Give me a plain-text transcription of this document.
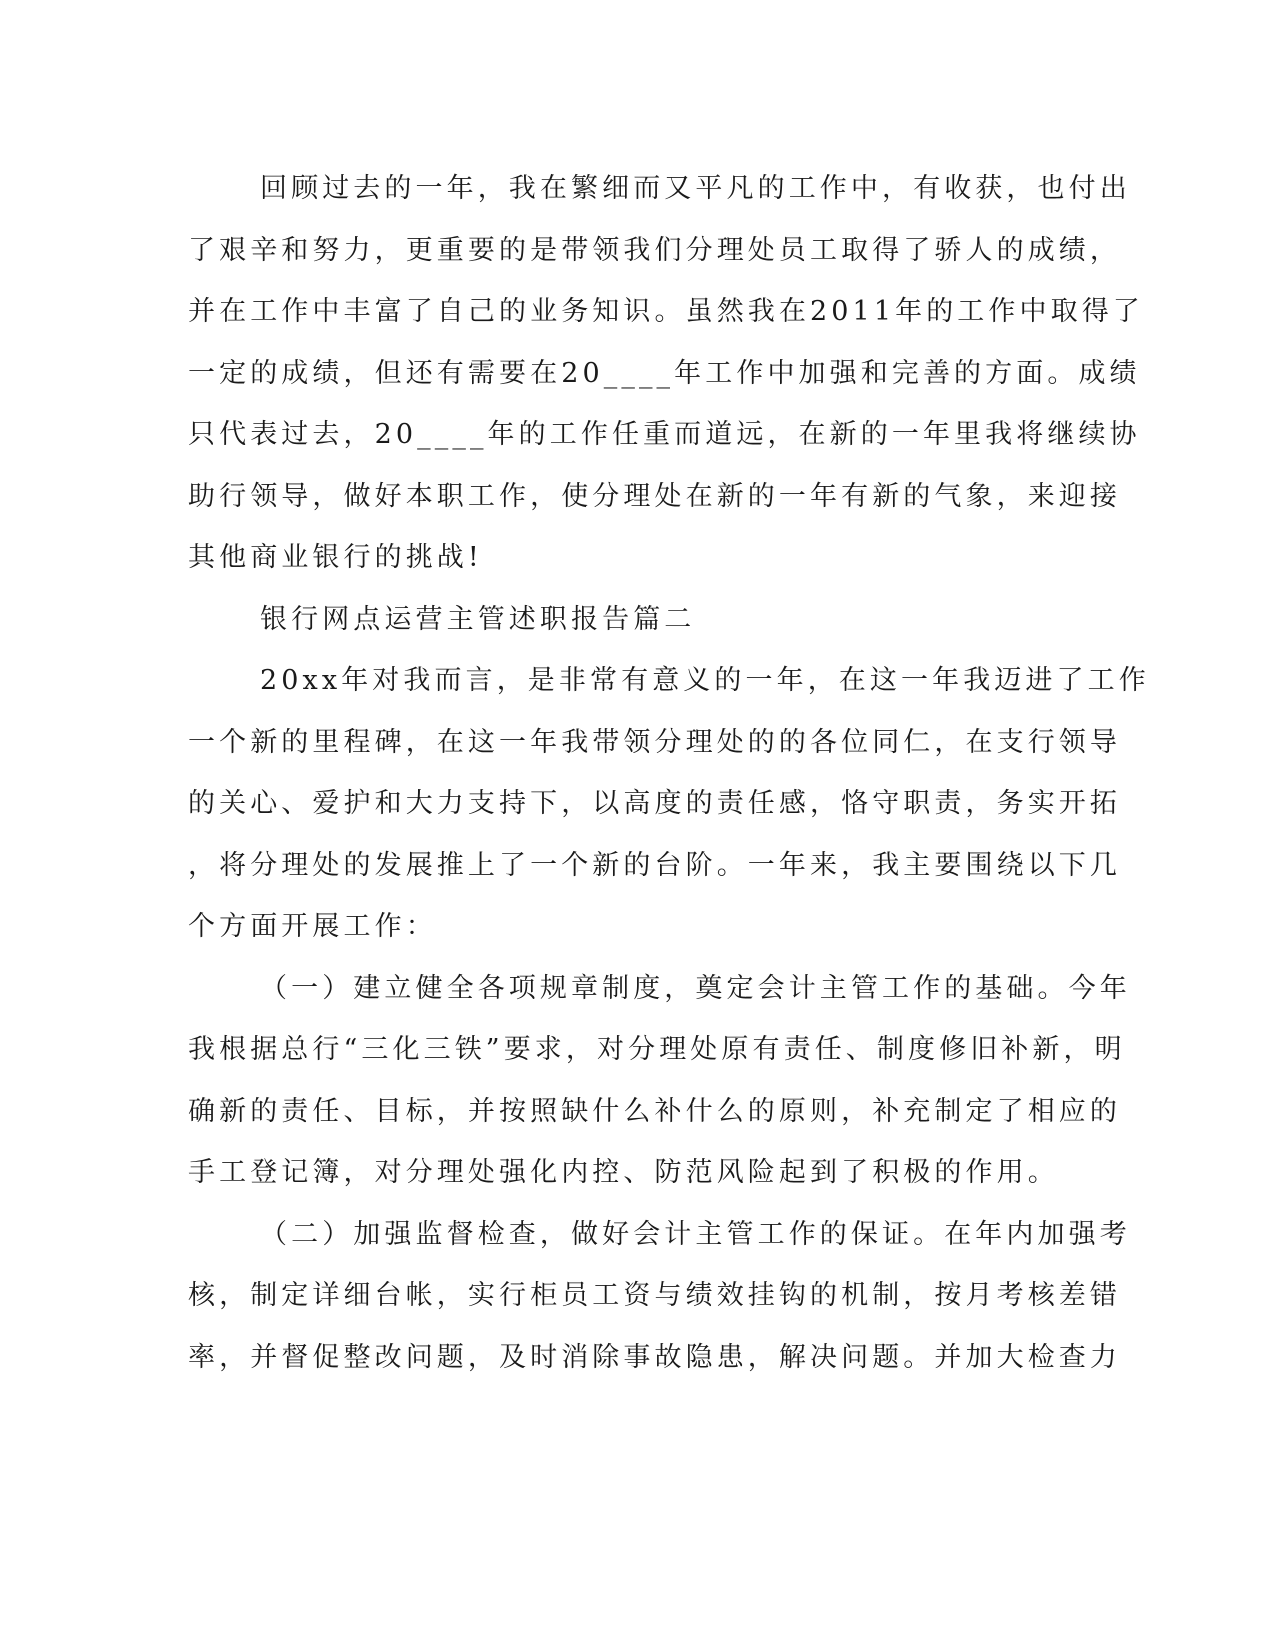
回顾过去的一年，我在繁细而又平凡的工作中，有收获，也付出
了艰辛和努力，更重要的是带领我们分理处员工取得了骄人的成绩，
并在工作中丰富了自己的业务知识。虽然我在2011年的工作中取得了
一定的成绩，但还有需要在20____年工作中加强和完善的方面。成绩
只代表过去，20____年的工作任重而道远，在新的一年里我将继续协
助行领导，做好本职工作，使分理处在新的一年有新的气象，来迎接
其他商业银行的挑战!

银行网点运营主管述职报告篇二

20xx年对我而言，是非常有意义的一年，在这一年我迈进了工作
一个新的里程碑，在这一年我带领分理处的的各位同仁，在支行领导
的关心、爱护和大力支持下，以高度的责任感，恪守职责，务实开拓
，将分理处的发展推上了一个新的台阶。一年来，我主要围绕以下几
个方面开展工作：

（一）建立健全各项规章制度，奠定会计主管工作的基础。今年
我根据总行“三化三铁”要求，对分理处原有责任、制度修旧补新，明
确新的责任、目标，并按照缺什么补什么的原则，补充制定了相应的
手工登记簿，对分理处强化内控、防范风险起到了积极的作用。

（二）加强监督检查，做好会计主管工作的保证。在年内加强考
核，制定详细台帐，实行柜员工资与绩效挂钩的机制，按月考核差错
率，并督促整改问题，及时消除事故隐患，解决问题。并加大检查力
